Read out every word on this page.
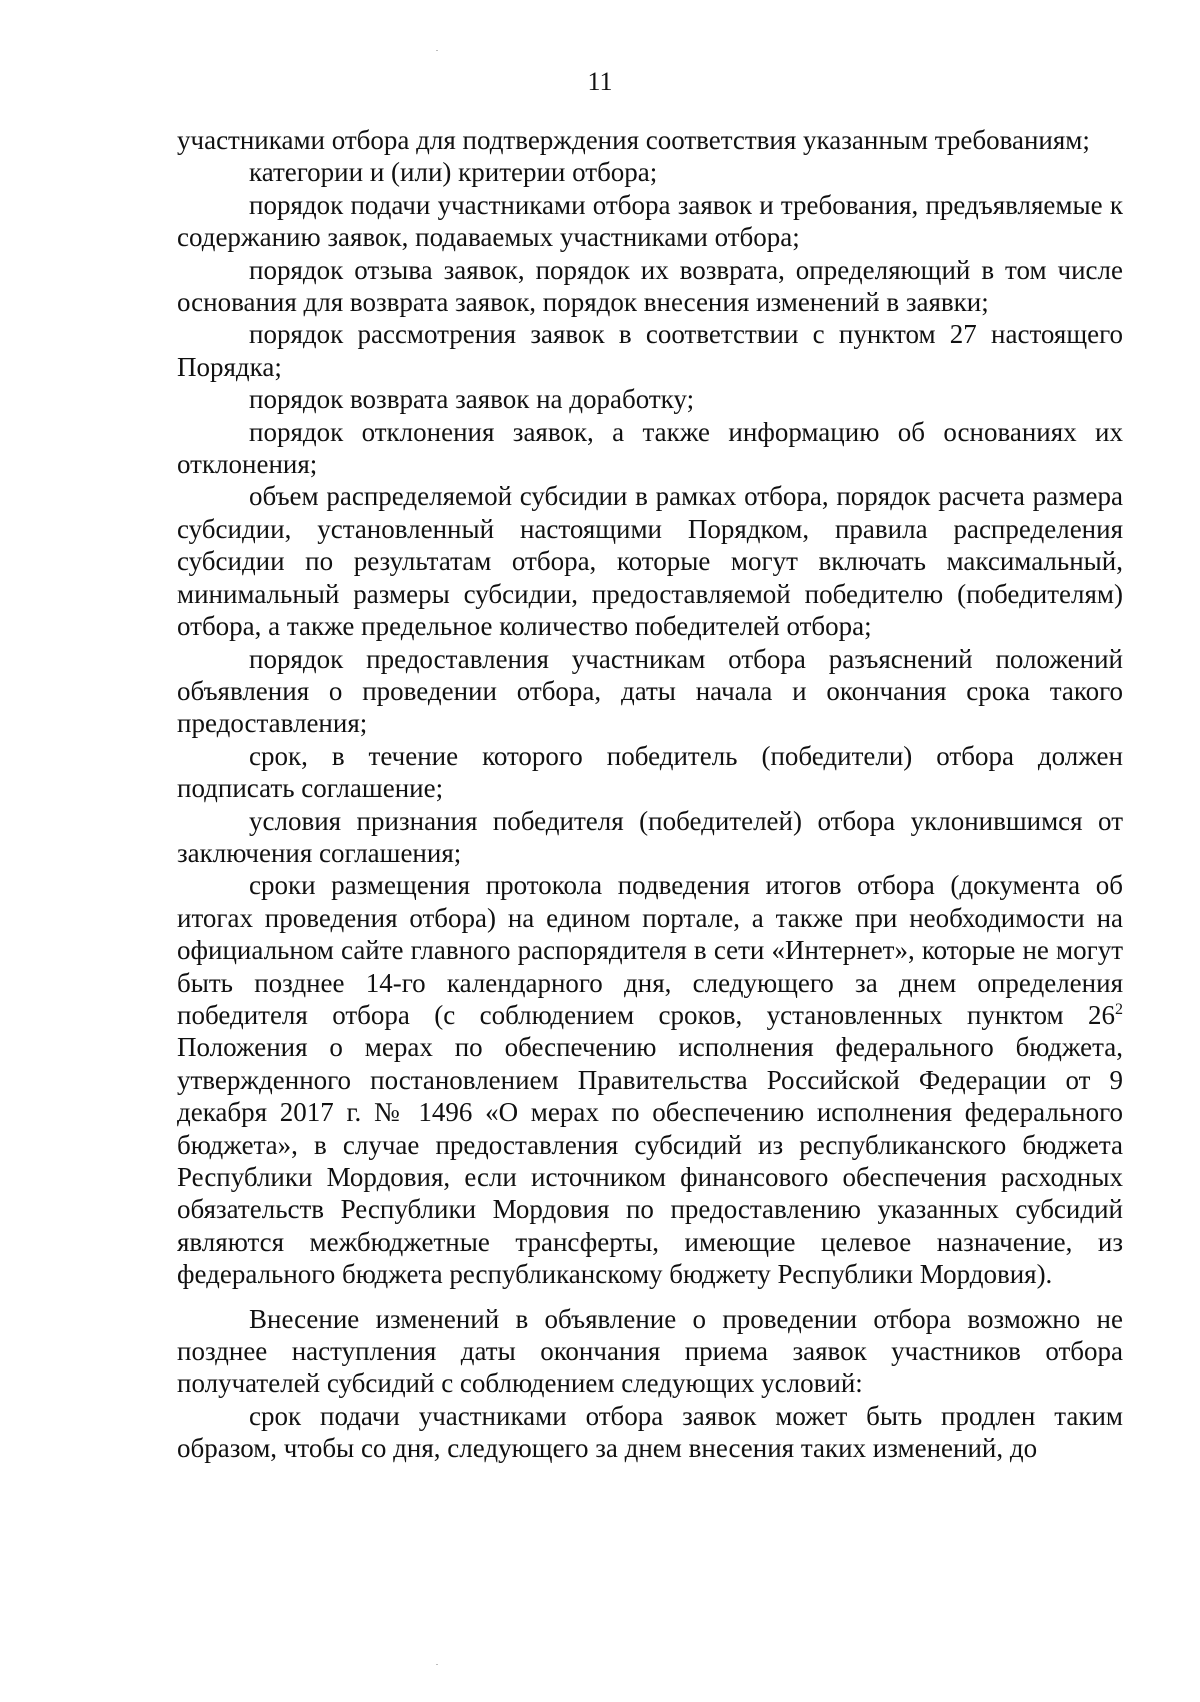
11

участниками отбора для подтверждения соответствия указанным требованиям;

категории и (или) критерии отбора;

порядок подачи участниками отбора заявок и требования, предъявляемые к содержанию заявок, подаваемых участниками отбора;

порядок отзыва заявок, порядок их возврата, определяющий в том числе основания для возврата заявок, порядок внесения изменений в заявки;

порядок рассмотрения заявок в соответствии с пунктом 27 настоящего Порядка;

порядок возврата заявок на доработку;

порядок отклонения заявок, а также информацию об основаниях их отклонения;

объем распределяемой субсидии в рамках отбора, порядок расчета размера субсидии, установленный настоящими Порядком, правила распределения субсидии по результатам отбора, которые могут включать максимальный, минимальный размеры субсидии, предоставляемой победителю (победителям) отбора, а также предельное количество победителей отбора;

порядок предоставления участникам отбора разъяснений положений объявления о проведении отбора, даты начала и окончания срока такого предоставления;

срок, в течение которого победитель (победители) отбора должен подписать соглашение;

условия признания победителя (победителей) отбора уклонившимся от заключения соглашения;

сроки размещения протокола подведения итогов отбора (документа об итогах проведения отбора) на едином портале, а также при необходимости на официальном сайте главного распорядителя в сети «Интернет», которые не могут быть позднее 14-го календарного дня, следующего за днем определения победителя отбора (с соблюдением сроков, установленных пунктом $26^2$ Положения о мерах по обеспечению исполнения федерального бюджета, утвержденного постановлением Правительства Российской Федерации от 9 декабря 2017 г. № 1496 «О мерах по обеспечению исполнения федерального бюджета», в случае предоставления субсидий из республиканского бюджета Республики Мордовия, если источником финансового обеспечения расходных обязательств Республики Мордовия по предоставлению указанных субсидий являются межбюджетные трансферты, имеющие целевое назначение, из федерального бюджета республиканскому бюджету Республики Мордовия).

Внесение изменений в объявление о проведении отбора возможно не позднее наступления даты окончания приема заявок участников отбора получателей субсидий с соблюдением следующих условий:

срок подачи участниками отбора заявок может быть продлен таким образом, чтобы со дня, следующего за днем внесения таких изменений, до
